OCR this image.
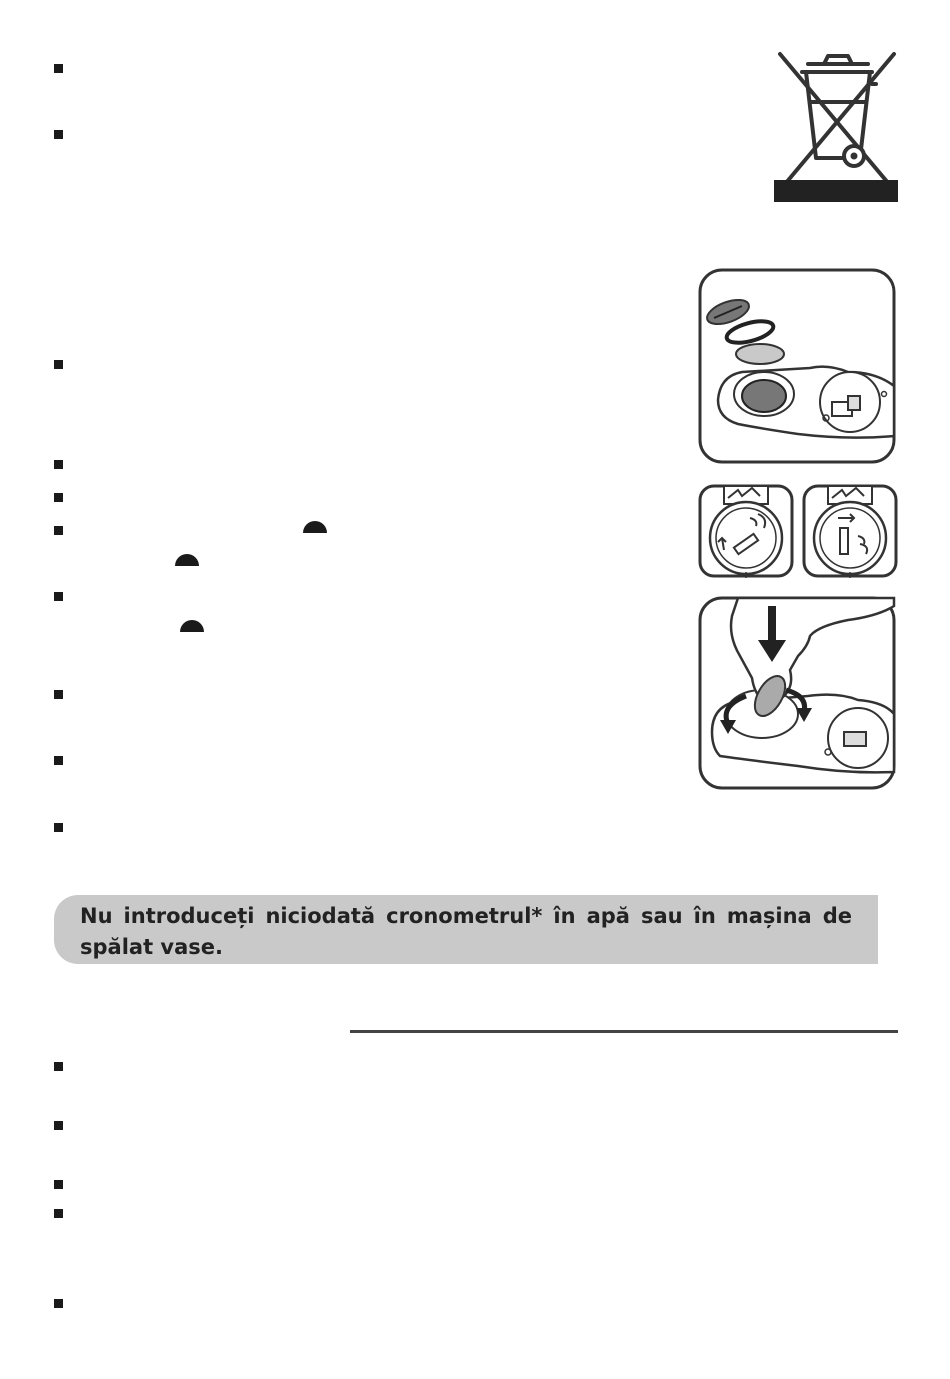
Nu introduceți niciodată cronometrul* în apă sau în mașina de spălat vase.
